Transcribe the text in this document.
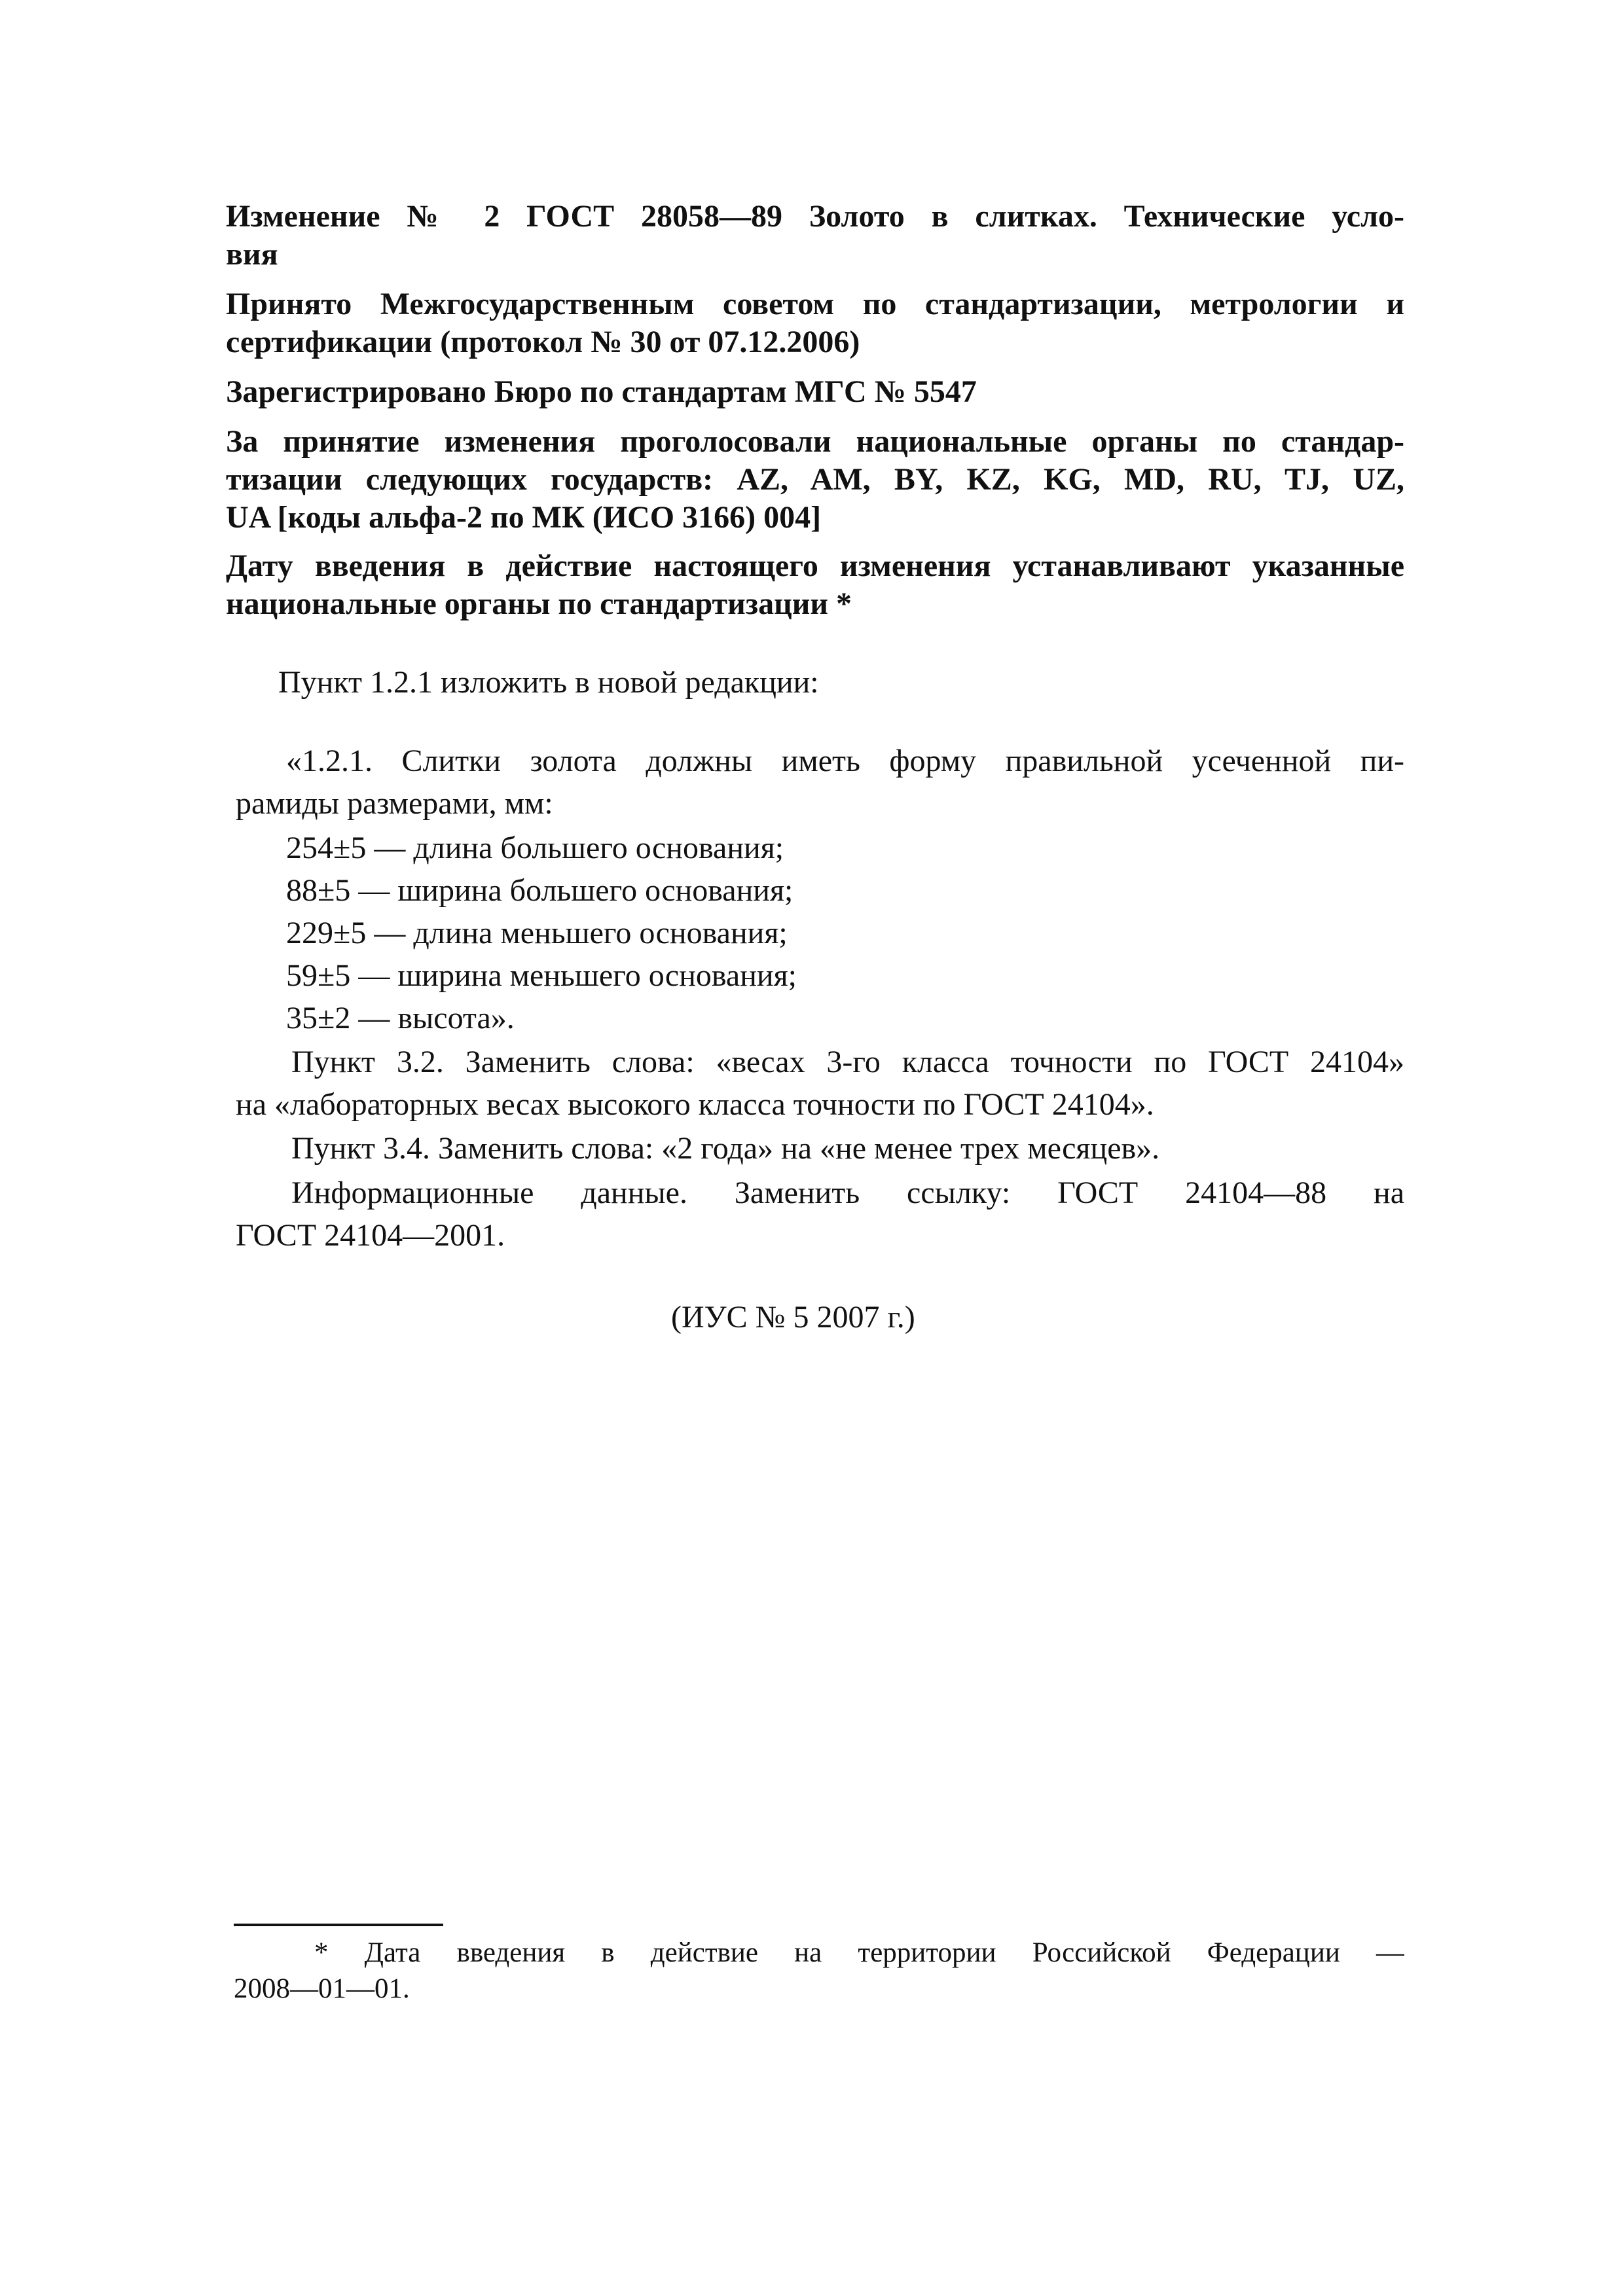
Изменение № 2 ГОСТ 28058—89 Золото в слитках. Технические усло-
вия
Принято Межгосударственным советом по стандартизации, метрологии и
сертификации (протокол № 30 от 07.12.2006)
Зарегистрировано Бюро по стандартам МГС № 5547
За принятие изменения проголосовали национальные органы по стандар-
тизации следующих государств: AZ, AM, BY, KZ, KG, MD, RU, TJ, UZ,
UA [коды альфа-2 по МК (ИСО 3166) 004]
Дату введения в действие настоящего изменения устанавливают указанные
национальные органы по стандартизации *
Пункт 1.2.1 изложить в новой редакции:
«1.2.1. Слитки золота должны иметь форму правильной усеченной пи-
рамиды размерами, мм:
254±5 — длина большего основания;
88±5 — ширина большего основания;
229±5 — длина меньшего основания;
59±5 — ширина меньшего основания;
35±2 — высота».
Пункт 3.2. Заменить слова: «весах 3-го класса точности по ГОСТ 24104»
на «лабораторных весах высокого класса точности по ГОСТ 24104».
Пункт 3.4. Заменить слова: «2 года» на «не менее трех месяцев».
Информационные данные. Заменить ссылку: ГОСТ 24104—88 на
ГОСТ 24104—2001.
(ИУС № 5 2007 г.)
* Дата введения в действие на территории Российской Федерации —
2008—01—01.
